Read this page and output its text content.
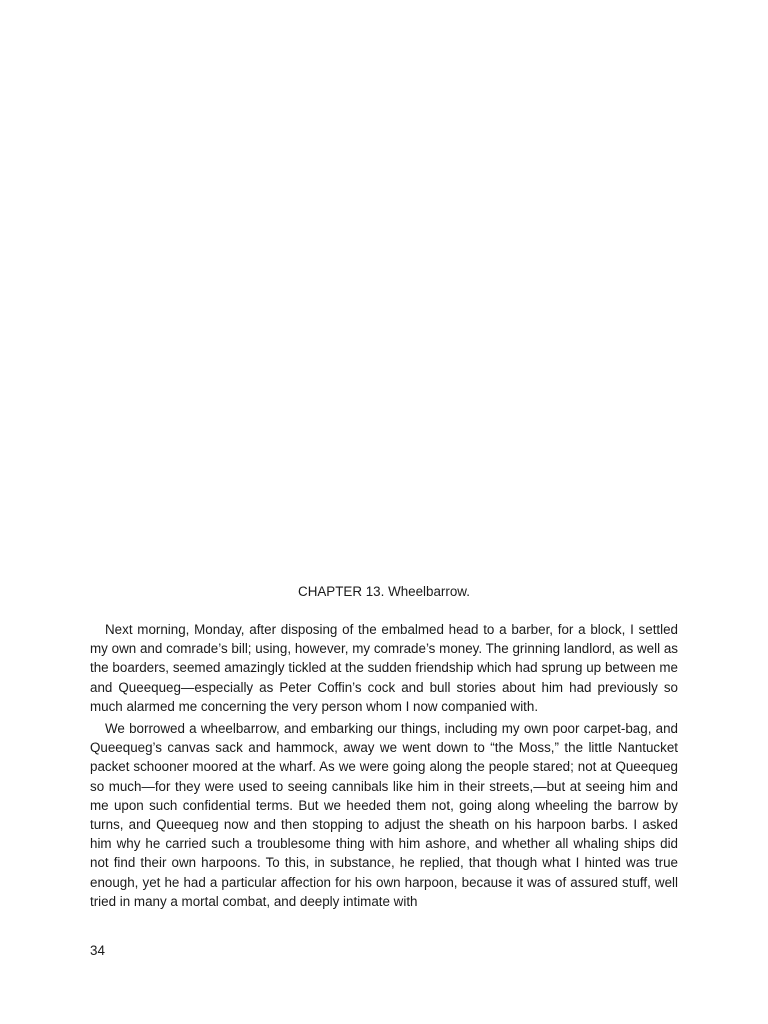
CHAPTER 13. Wheelbarrow.

Next morning, Monday, after disposing of the embalmed head to a barber, for a block, I settled my own and comrade’s bill; using, however, my comrade’s money. The grinning landlord, as well as the boarders, seemed amazingly tickled at the sudden friendship which had sprung up between me and Queequeg—especially as Peter Coffin’s cock and bull stories about him had previously so much alarmed me concerning the very person whom I now companied with.

We borrowed a wheelbarrow, and embarking our things, including my own poor carpet-bag, and Queequeg’s canvas sack and hammock, away we went down to “the Moss,” the little Nantucket packet schooner moored at the wharf. As we were going along the people stared; not at Queequeg so much—for they were used to seeing cannibals like him in their streets,—but at seeing him and me upon such confidential terms. But we heeded them not, going along wheeling the barrow by turns, and Queequeg now and then stopping to adjust the sheath on his harpoon barbs. I asked him why he carried such a troublesome thing with him ashore, and whether all whaling ships did not find their own harpoons. To this, in substance, he replied, that though what I hinted was true enough, yet he had a particular affection for his own harpoon, because it was of assured stuff, well tried in many a mortal combat, and deeply intimate with

34
